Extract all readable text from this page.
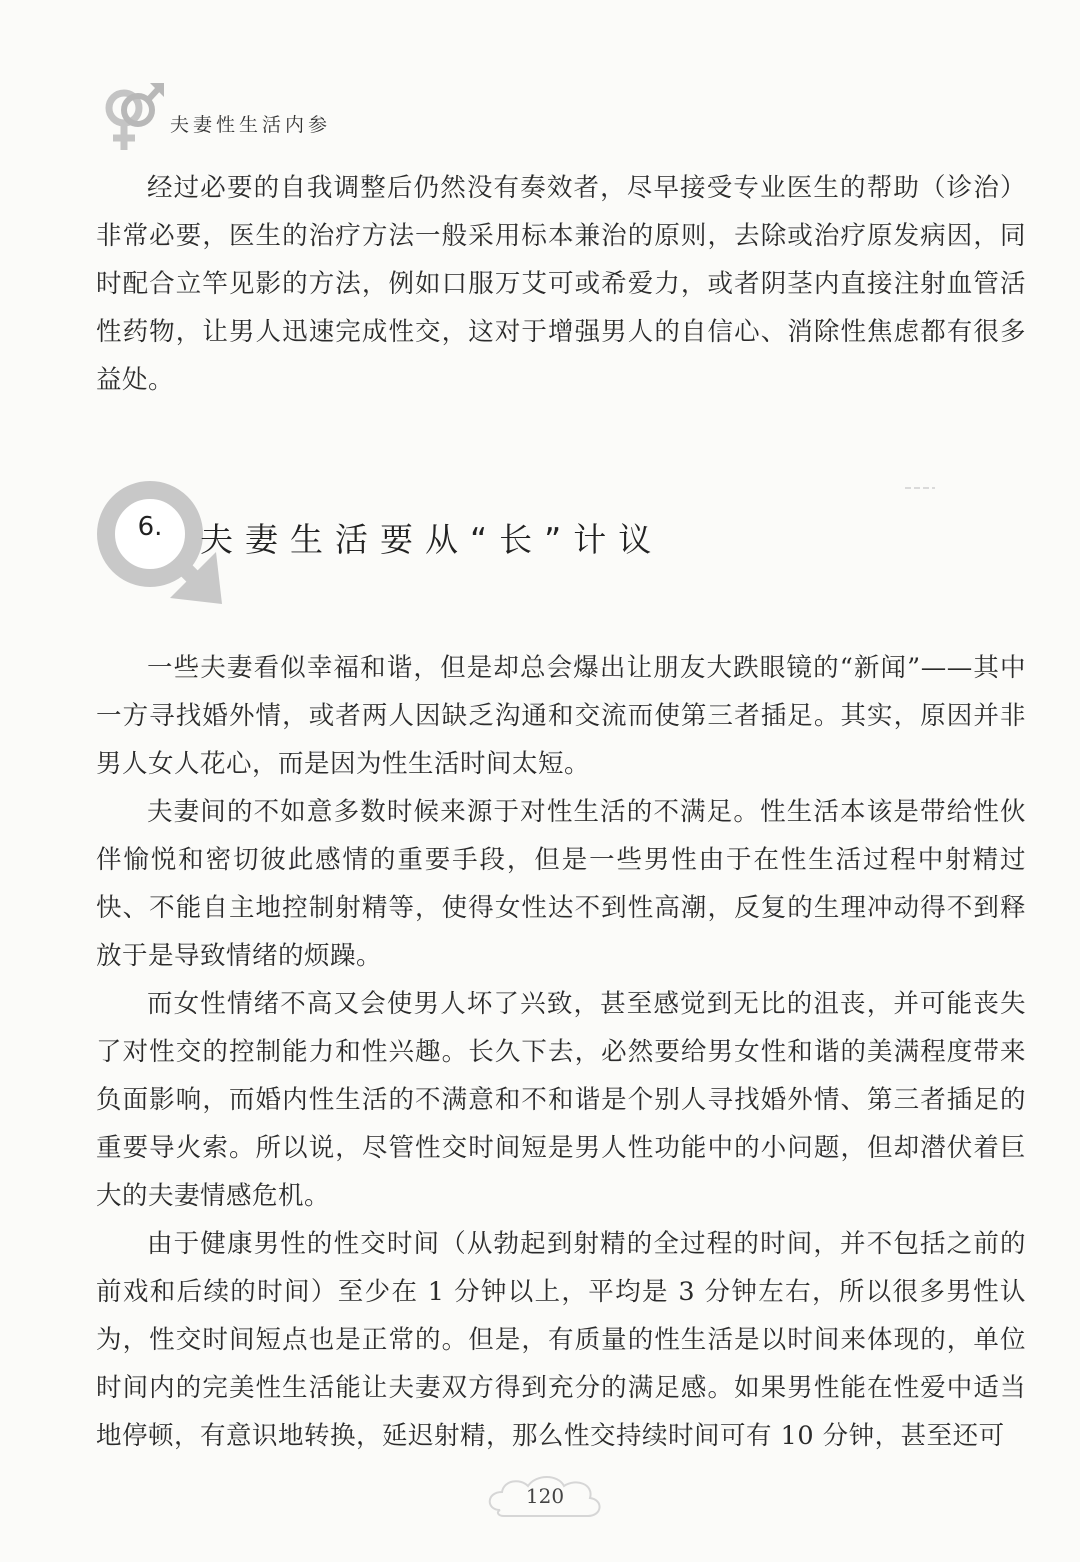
夫妻性生活内参

经过必要的自我调整后仍然没有奏效者，尽早接受专业医生的帮助（诊治）非常必要，医生的治疗方法一般采用标本兼治的原则，去除或治疗原发病因，同时配合立竿见影的方法，例如口服万艾可或希爱力，或者阴茎内直接注射血管活性药物，让男人迅速完成性交，这对于增强男人的自信心、消除性焦虑都有很多益处。

6. 夫妻生活要从“长”计议

一些夫妻看似幸福和谐，但是却总会爆出让朋友大跌眼镜的“新闻”——其中一方寻找婚外情，或者两人因缺乏沟通和交流而使第三者插足。其实，原因并非男人女人花心，而是因为性生活时间太短。

夫妻间的不如意多数时候来源于对性生活的不满足。性生活本该是带给性伙伴愉悦和密切彼此感情的重要手段，但是一些男性由于在性生活过程中射精过快、不能自主地控制射精等，使得女性达不到性高潮，反复的生理冲动得不到释放于是导致情绪的烦躁。

而女性情绪不高又会使男人坏了兴致，甚至感觉到无比的沮丧，并可能丧失了对性交的控制能力和性兴趣。长久下去，必然要给男女性和谐的美满程度带来负面影响，而婚内性生活的不满意和不和谐是个别人寻找婚外情、第三者插足的重要导火索。所以说，尽管性交时间短是男人性功能中的小问题，但却潜伏着巨大的夫妻情感危机。

由于健康男性的性交时间（从勃起到射精的全过程的时间，并不包括之前的前戏和后续的时间）至少在 1 分钟以上，平均是 3 分钟左右，所以很多男性认为，性交时间短点也是正常的。但是，有质量的性生活是以时间来体现的，单位时间内的完美性生活能让夫妻双方得到充分的满足感。如果男性能在性爱中适当地停顿，有意识地转换，延迟射精，那么性交持续时间可有 10 分钟，甚至还可

120
